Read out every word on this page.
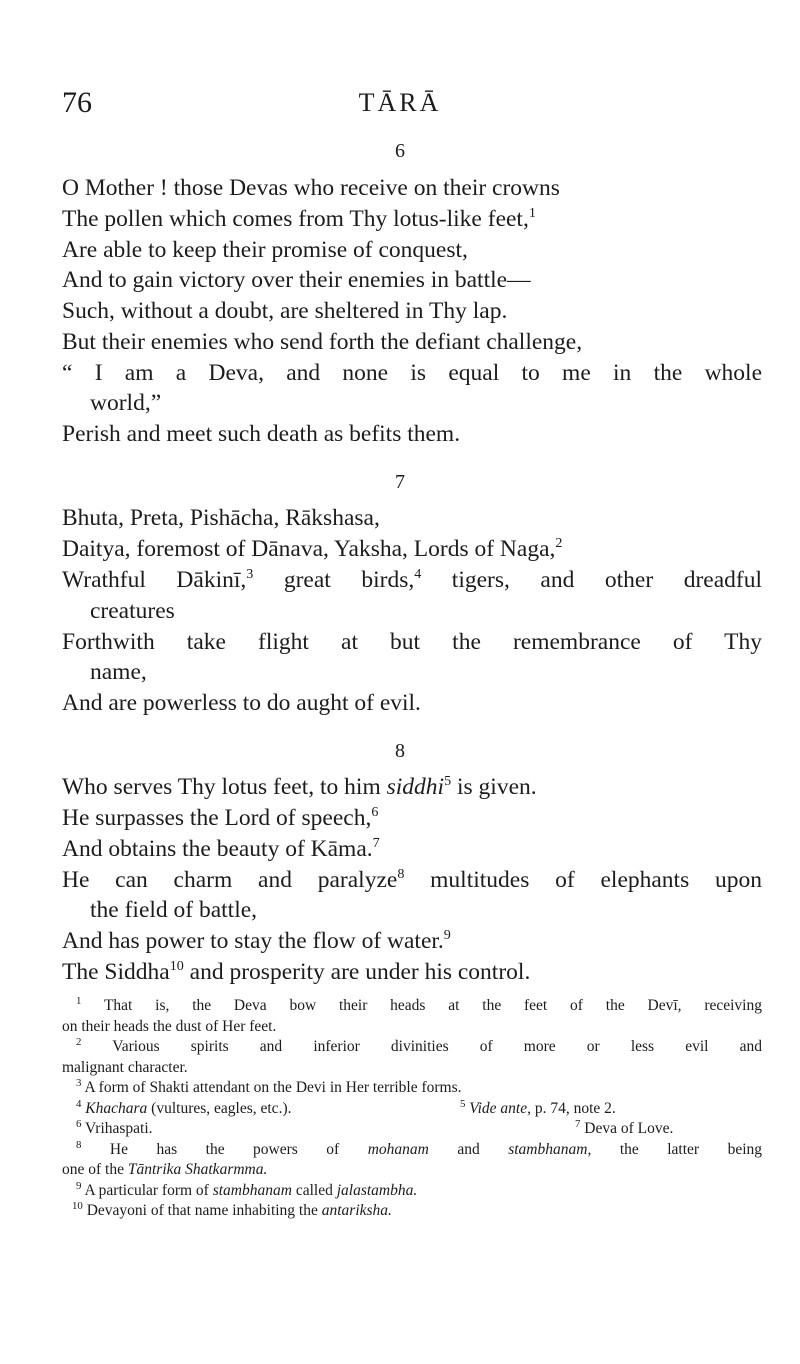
76	TĀRĀ
6
O Mother ! those Devas who receive on their crowns
The pollen which comes from Thy lotus-like feet,$^1$
Are able to keep their promise of conquest,
And to gain victory over their enemies in battle—
Such, without a doubt, are sheltered in Thy lap.
But their enemies who send forth the defiant challenge,
“ I am a Deva, and none is equal to me in the whole
world,”
Perish and meet such death as befits them.
7
Bhuta, Preta, Pishācha, Rākshasa,
Daitya, foremost of Dānava, Yaksha, Lords of Naga,$^2$
Wrathful Dākinī,$^3$ great birds,$^4$ tigers, and other dreadful
creatures
Forthwith take flight at but the remembrance of Thy
name,
And are powerless to do aught of evil.
8
Who serves Thy lotus feet, to him siddhi$^5$ is given.
He surpasses the Lord of speech,$^6$
And obtains the beauty of Kāma.$^7$
He can charm and paralyze$^8$ multitudes of elephants upon
the field of battle,
And has power to stay the flow of water.$^9$
The Siddha$^{10}$ and prosperity are under his control.
$^1$ That is, the Deva bow their heads at the feet of the Devī, receiving
on their heads the dust of Her feet.
$^2$ Various spirits and inferior divinities of more or less evil and
malignant character.
$^3$ A form of Shakti attendant on the Devi in Her terrible forms.
$^4$ Khachara (vultures, eagles, etc.).	$^5$ Vide ante, p. 74, note 2.
$^6$ Vrihaspati.	$^7$ Deva of Love.
$^8$ He has the powers of mohanam and stambhanam, the latter being
one of the Tāntrika Shatkarmma.
$^9$ A particular form of stambhanam called jalastambha.
$^{10}$ Devayoni of that name inhabiting the antariksha.
